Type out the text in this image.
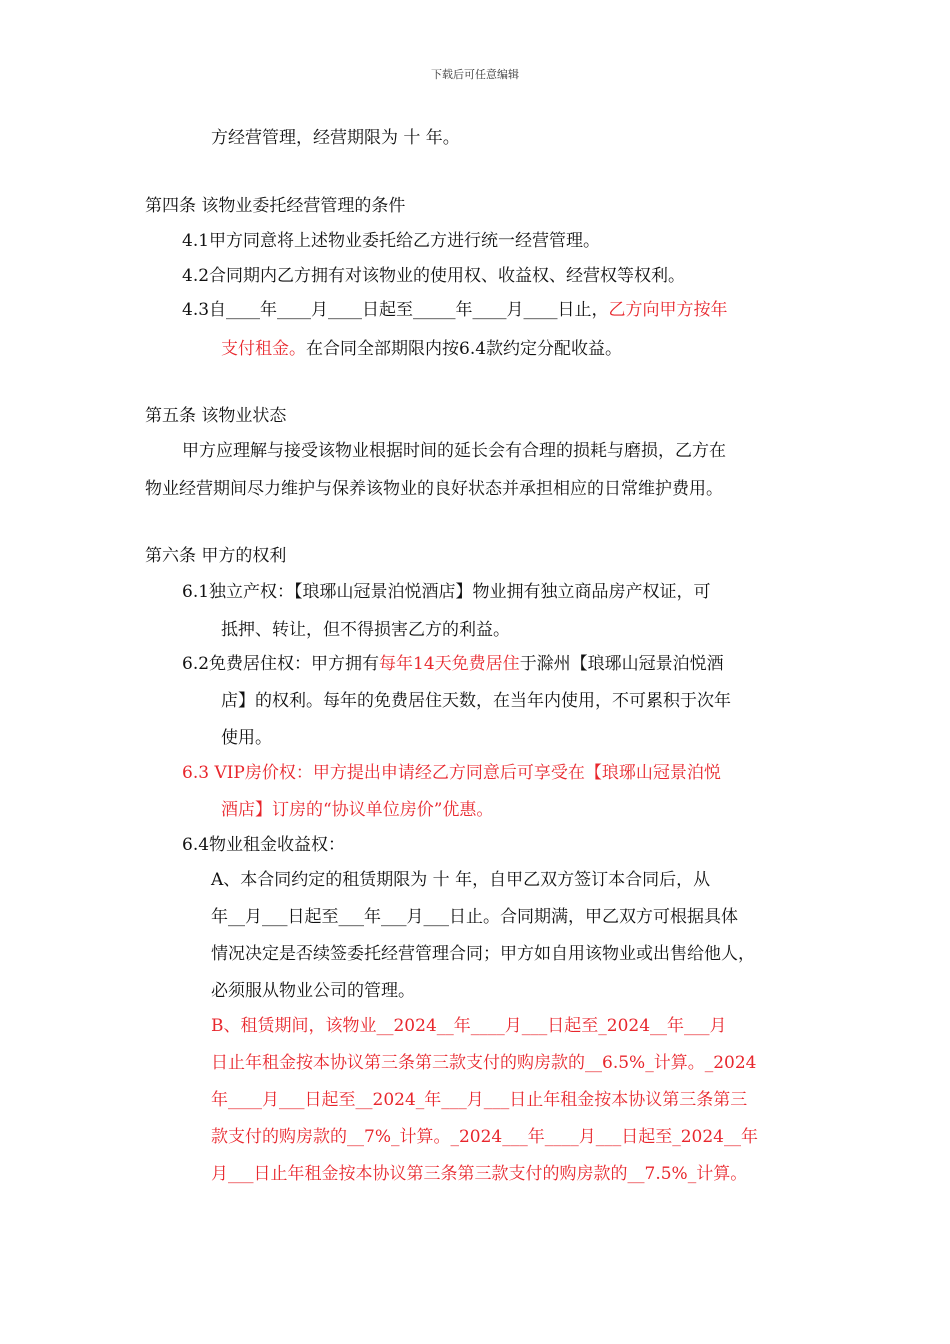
下载后可任意编辑
方经营管理，经营期限为 十 年。
第四条 该物业委托经营管理的条件
4.1甲方同意将上述物业委托给乙方进行统一经营管理。
4.2合同期内乙方拥有对该物业的使用权、收益权、经营权等权利。
4.3自____年____月____日起至_____年____月____日止，乙方向甲方按年
支付租金。在合同全部期限内按6.4款约定分配收益。
第五条 该物业状态
甲方应理解与接受该物业根据时间的延长会有合理的损耗与磨损，乙方在
物业经营期间尽力维护与保养该物业的良好状态并承担相应的日常维护费用。
第六条 甲方的权利
6.1独立产权：【琅琊山冠景泊悦酒店】物业拥有独立商品房产权证，可
抵押、转让，但不得损害乙方的利益。
6.2免费居住权：甲方拥有每年14天免费居住于滁州【琅琊山冠景泊悦酒
店】的权利。每年的免费居住天数，在当年内使用，不可累积于次年
使用。
6.3 VIP房价权：甲方提出申请经乙方同意后可享受在【琅琊山冠景泊悦
酒店】订房的“协议单位房价”优惠。
6.4物业租金收益权：
A、本合同约定的租赁期限为 十 年，自甲乙双方签订本合同后，从
年__月___日起至___年___月___日止。合同期满，甲乙双方可根据具体
情况决定是否续签委托经营管理合同；甲方如自用该物业或出售给他人，
必须服从物业公司的管理。
B、租赁期间，该物业__2024__年____月___日起至_2024__年___月
日止年租金按本协议第三条第三款支付的购房款的__6.5%_计算。_2024
年____月___日起至__2024_年___月___日止年租金按本协议第三条第三
款支付的购房款的__7%_计算。_2024___年____月___日起至_2024__年
月___日止年租金按本协议第三条第三款支付的购房款的__7.5%_计算。
